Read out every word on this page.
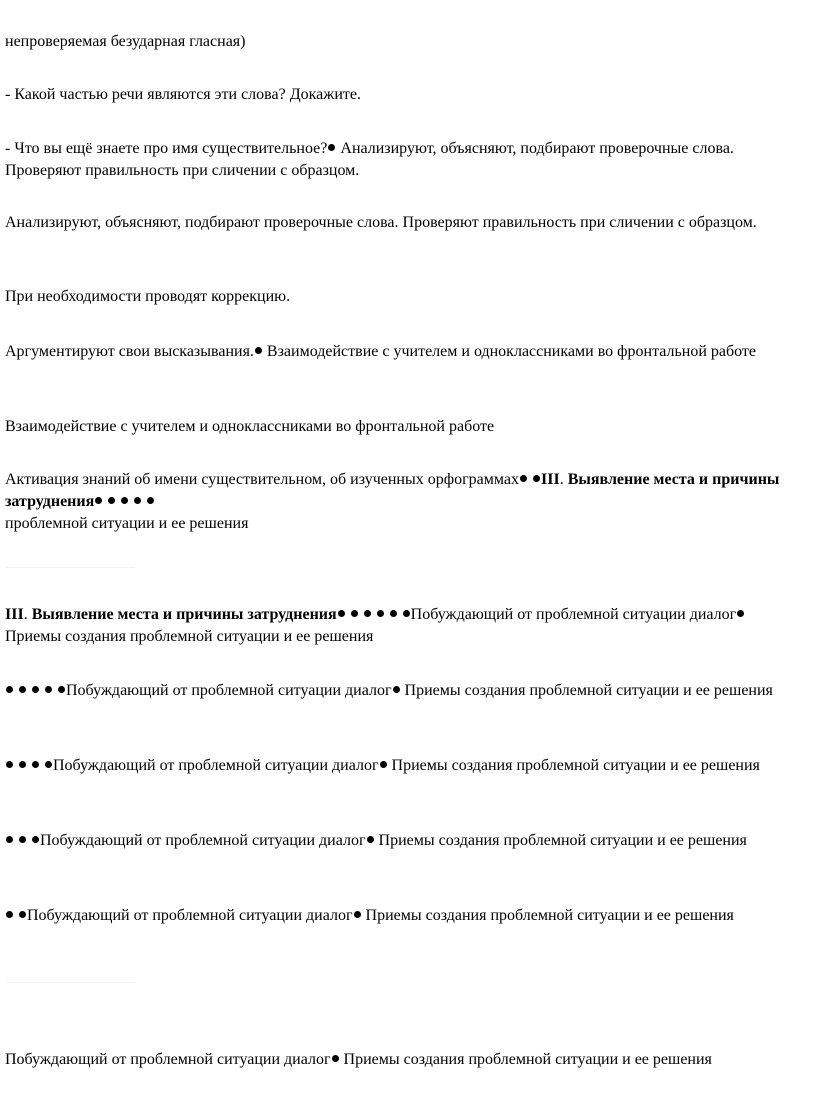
непроверяемая безударная гласная)

- Какой частью речи являются эти слова? Докажите.

- Что вы ещё знаете про имя существительное? Анализируют, объясняют, подбирают проверочные слова. Проверяют правильность при сличении с образцом.

Анализируют, объясняют, подбирают проверочные слова. Проверяют правильность при сличении с образцом.

При необходимости проводят коррекцию.

Аргументируют свои высказывания. Взаимодействие с учителем и одноклассниками во фронтальной работе

Взаимодействие с учителем и одноклассниками во фронтальной работе

Активация знаний об имени существительном, об изученных орфограммах III. Выявление места и причины затруднения
проблемной ситуации и ее решения

III. Выявление места и причины затруднения	Побуждающий от проблемной ситуации диалог Приемы создания проблемной ситуации и ее решения

Побуждающий от проблемной ситуации диалог Приемы создания проблемной ситуации и ее решения

Побуждающий от проблемной ситуации диалог Приемы создания проблемной ситуации и ее решения

Побуждающий от проблемной ситуации диалог Приемы создания проблемной ситуации и ее решения

Побуждающий от проблемной ситуации диалог Приемы создания проблемной ситуации и ее решения

Побуждающий от проблемной ситуации диалог Приемы создания проблемной ситуации и ее решения
